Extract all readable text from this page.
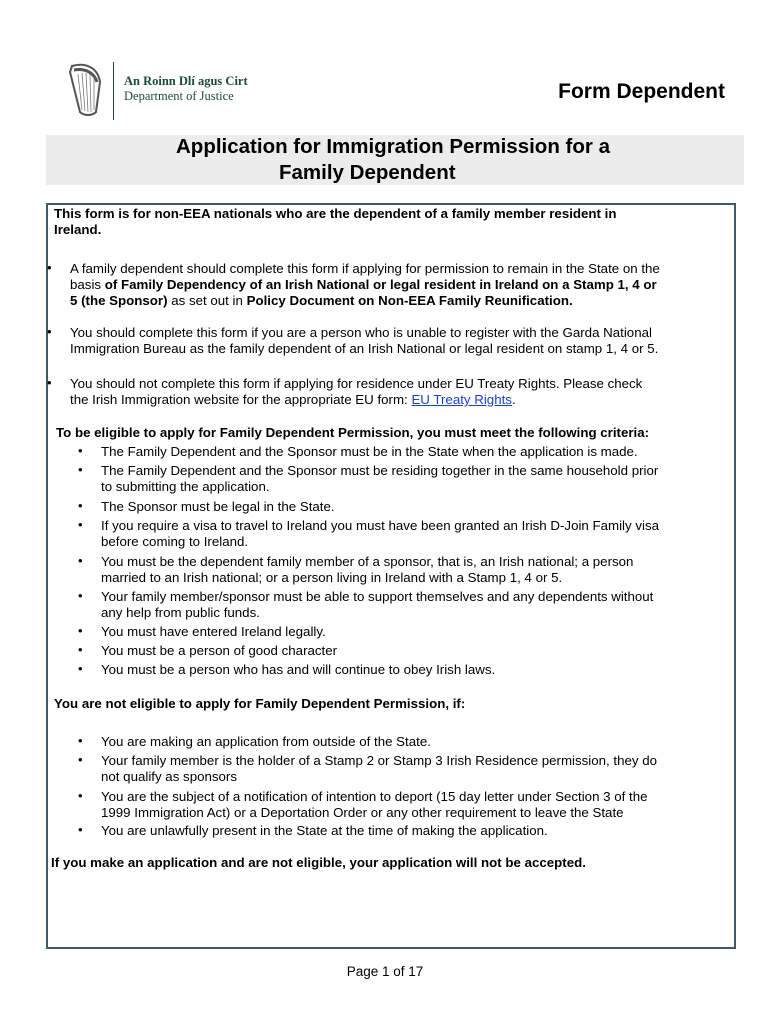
An Roinn Dlí agus Cirt
Department of Justice	Form Dependent
Application for Immigration Permission for a
Family Dependent
This form is for non-EEA nationals who are the dependent of a family member resident in
Ireland.
• A family dependent should complete this form if applying for permission to remain in the State on the
basis of Family Dependency of an Irish National or legal resident in Ireland on a Stamp 1, 4 or
5 (the Sponsor) as set out in Policy Document on Non-EEA Family Reunification.
• You should complete this form if you are a person who is unable to register with the Garda National
Immigration Bureau as the family dependent of an Irish National or legal resident on stamp 1, 4 or 5.
• You should not complete this form if applying for residence under EU Treaty Rights. Please check
the Irish Immigration website for the appropriate EU form: EU Treaty Rights.
To be eligible to apply for Family Dependent Permission, you must meet the following criteria:
• The Family Dependent and the Sponsor must be in the State when the application is made.
• The Family Dependent and the Sponsor must be residing together in the same household prior
to submitting the application.
• The Sponsor must be legal in the State.
• If you require a visa to travel to Ireland you must have been granted an Irish D-Join Family visa
before coming to Ireland.
• You must be the dependent family member of a sponsor, that is, an Irish national; a person
married to an Irish national; or a person living in Ireland with a Stamp 1, 4 or 5.
• Your family member/sponsor must be able to support themselves and any dependents without
any help from public funds.
• You must have entered Ireland legally.
• You must be a person of good character
• You must be a person who has and will continue to obey Irish laws.
You are not eligible to apply for Family Dependent Permission, if:
• You are making an application from outside of the State.
• Your family member is the holder of a Stamp 2 or Stamp 3 Irish Residence permission, they do
not qualify as sponsors
• You are the subject of a notification of intention to deport (15 day letter under Section 3 of the
1999 Immigration Act) or a Deportation Order or any other requirement to leave the State
• You are unlawfully present in the State at the time of making the application.
If you make an application and are not eligible, your application will not be accepted.
Page 1 of 17
